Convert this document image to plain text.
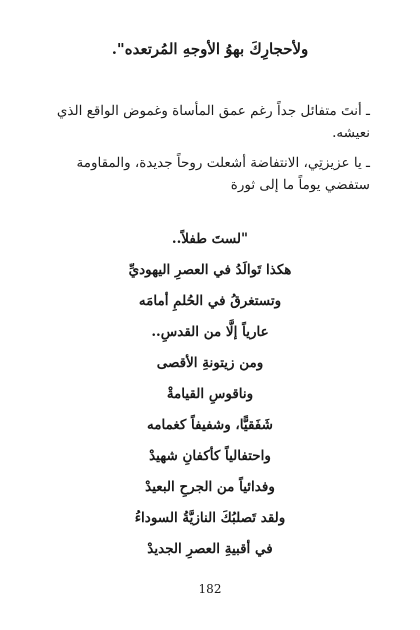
ولأحجارِكَ بهوُ الأوجهِ المُرتعده".

ـ أنتَ متفائل جداً رغم عمق المأساة وغموض الواقع الذي نعيشه.

ـ يا عزيزتِي، الانتفاضة أشعلت روحاً جديدة، والمقاومة ستفضي يوماً ما إلى ثورة

"لستَ طفلاً..
هكذا تَوالَدُ في العصرِ اليهوديِّ
وتستغرقُ في الحُلمِ أمامَه
عارياً إلَّا من القدسِ..
ومن زيتونةِ الأقصى
وناقوسِ القيامةْ
شَفَقيًّا، وشفيفاً كغمامه
واحتفالياً كأكفانِ شهيدْ
وفدائياً من الجرحِ البعيدْ
ولقد تَصلبُكَ النازيَّةُ السوداءُ
في أقبيةِ العصرِ الجديدْ
182
